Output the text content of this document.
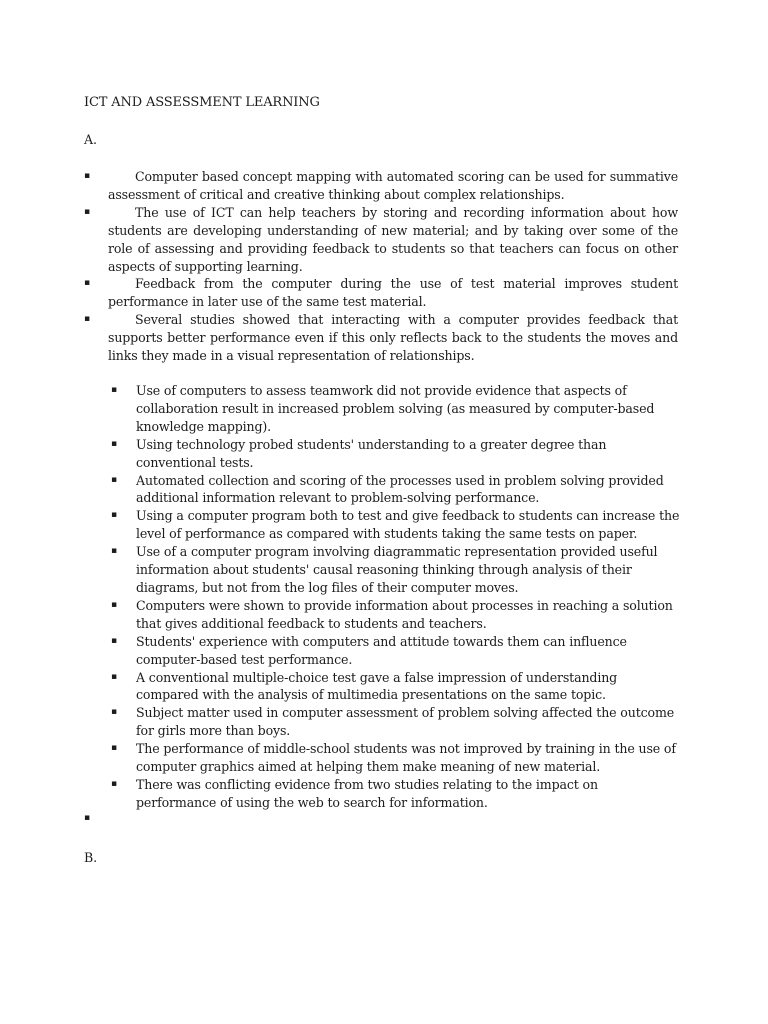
ICT AND ASSESSMENT LEARNING
A.
▪	Computer based concept mapping with automated scoring can be used for summative assessment of critical and creative thinking about complex relationships.
▪	The use of ICT can help teachers by storing and recording information about how students are developing understanding of new material; and by taking over some of the role of assessing and providing feedback to students so that teachers can focus on other aspects of supporting learning.
▪	Feedback from the computer during the use of test material improves student performance in later use of the same test material.
▪	Several studies showed that interacting with a computer provides feedback that supports better performance even if this only reflects back to the students the moves and links they made in a visual representation of relationships.
▪ Use of computers to assess teamwork did not provide evidence that aspects of collaboration result in increased problem solving (as measured by computer-based knowledge mapping).
▪ Using technology probed students' understanding to a greater degree than conventional tests.
▪ Automated collection and scoring of the processes used in problem solving provided additional information relevant to problem-solving performance.
▪ Using a computer program both to test and give feedback to students can increase the level of performance as compared with students taking the same tests on paper.
▪ Use of a computer program involving diagrammatic representation provided useful information about students' causal reasoning thinking through analysis of their diagrams, but not from the log files of their computer moves.
▪ Computers were shown to provide information about processes in reaching a solution that gives additional feedback to students and teachers.
▪ Students' experience with computers and attitude towards them can influence computer-based test performance.
▪ A conventional multiple-choice test gave a false impression of understanding compared with the analysis of multimedia presentations on the same topic.
▪ Subject matter used in computer assessment of problem solving affected the outcome for girls more than boys.
▪ The performance of middle-school students was not improved by training in the use of computer graphics aimed at helping them make meaning of new material.
▪ There was conflicting evidence from two studies relating to the impact on performance of using the web to search for information.
▪
B.
